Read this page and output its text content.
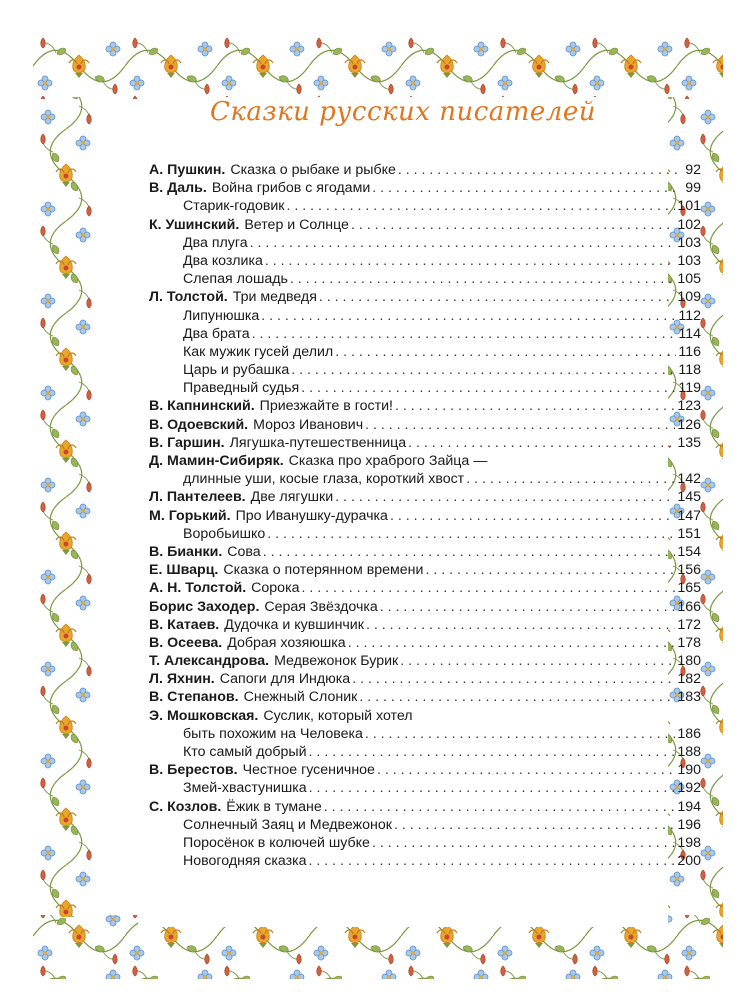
Сказки русских писателей
А. Пушкин. Сказка о рыбаке и рыбке . . .	92
В. Даль. Война грибов с ягодами . . .	99
Старик-годовик . . .	101
К. Ушинский. Ветер и Солнце . . .	102
Два плуга . . .	103
Два козлика . . .	103
Слепая лошадь . . .	105
Л. Толстой. Три медведя . . .	109
Липунюшка . . .	112
Два брата . . .	114
Как мужик гусей делил . . .	116
Царь и рубашка . . .	118
Праведный судья . . .	119
В. Капнинский. Приезжайте в гости! . . .	123
В. Одоевский. Мороз Иванович . . .	126
В. Гаршин. Лягушка-путешественница . . .	135
Д. Мамин-Сибиряк. Сказка про храброго Зайца —
длинные уши, косые глаза, короткий хвост . . .	142
Л. Пантелеев. Две лягушки . . .	145
М. Горький. Про Иванушку-дурачка . . .	147
Воробьишко . . .	151
В. Бианки. Сова . . .	154
Е. Шварц. Сказка о потерянном времени . . .	156
А. Н. Толстой. Сорока . . .	165
Борис Заходер. Серая Звёздочка . . .	166
В. Катаев. Дудочка и кувшинчик . . .	172
В. Осеева. Добрая хозяюшка . . .	178
Т. Александрова. Медвежонок Бурик . . .	180
Л. Яхнин. Сапоги для Индюка . . .	182
В. Степанов. Снежный Слоник . . .	183
Э. Мошковская. Суслик, который хотел
быть похожим на Человека . . .	186
Кто самый добрый . . .	188
В. Берестов. Честное гусеничное . . .	190
Змей-хвастунишка . . .	192
С. Козлов. Ёжик в тумане . . .	194
Солнечный Заяц и Медвежонок . . .	196
Поросёнок в колючей шубке . . .	198
Новогодняя сказка . . .	200
